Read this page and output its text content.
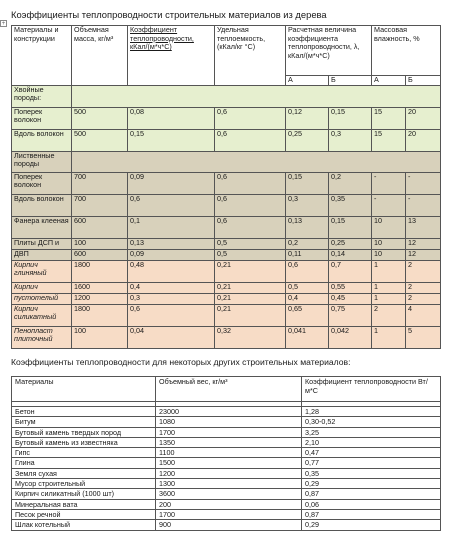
+
Коэффициенты теплопроводности строительных материалов из дерева
Материалы и конструкции	Объемная масса, кг/м³	Коэффициент теплопроводности, кКал/(м*ч*С)	Удельная теплоемкость, (кКал/кг °С)	Расчетная величина коэффициента теплопроводности, λ, кКал/(м*ч*С)		Массовая влажность, %	
				А	Б	А	Б
Хвойные породы:							
Поперек волокон	500	0,08	0,6	0,12	0,15	15	20
Вдоль волокон	500	0,15	0,6	0,25	0,3	15	20
Лиственные породы							
Поперек волокон	700	0,09	0,6	0,15	0,2	-	-
Вдоль волокон	700	0,6	0,6	0,3	0,35	-	-
Фанера клееная	600	0,1	0,6	0,13	0,15	10	13
Плиты ДСП и	100	0,13	0,5	0,2	0,25	10	12
ДВП	600	0,09	0,5	0,11	0,14	10	12
Кирпич глиняный	1800	0,48	0,21	0,6	0,7	1	2
Кирпич	1600	0,4	0,21	0,5	0,55	1	2
пустотелый	1200	0,3	0,21	0,4	0,45	1	2
Кирпич силикатный	1800	0,6	0,21	0,65	0,75	2	4
Пенопласт плиточный	100	0,04	0,32	0,041	0,042	1	5
Коэффициенты теплопроводности для некоторых других строительных материалов:
Материалы	Объемный вес, кг/м³	Коэффициент теплопроводности Вт/м*С

Бетон	23000	1,28
Битум	1080	0,30-0,52
Бутовый камень твердых пород	1700	3,25
Бутовый камень из известняка	1350	2,10
Гипс	1100	0,47
Глина	1500	0,77
Земля сухая	1200	0,35
Мусор строительный	1300	0,29
Кирпич силикатный (1000 шт)	3600	0,87
Минеральная вата	200	0,06
Песок речной	1700	0,87
Шлак котельный	900	0,29
